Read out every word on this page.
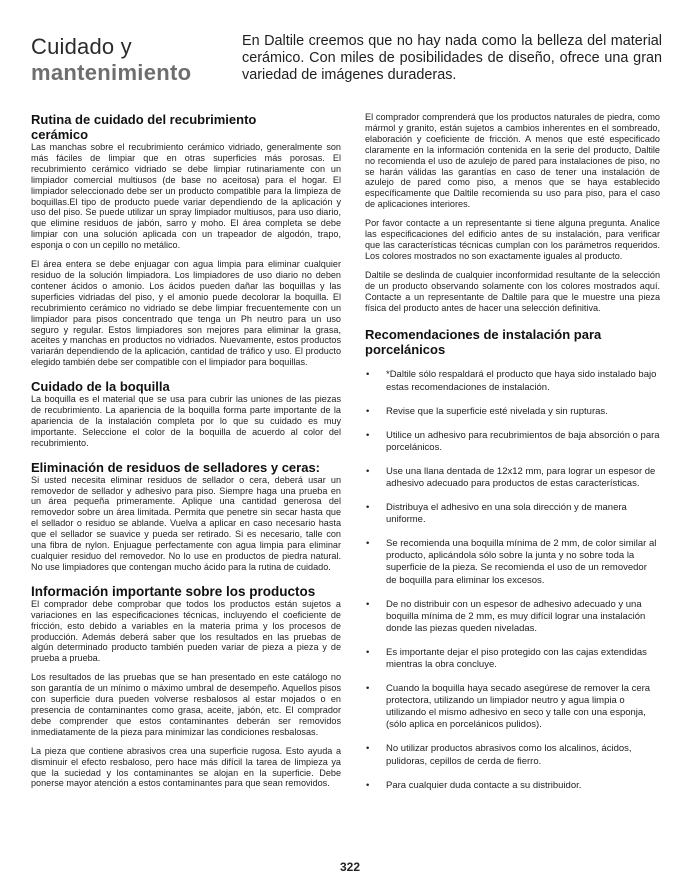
Cuidado y
mantenimiento
En Daltile creemos que no hay nada como la belleza del material cerámico. Con miles de posibilidades de diseño, ofrece una gran variedad de imágenes duraderas.
Rutina de cuidado del recubrimiento cerámico

Las manchas sobre el recubrimiento cerámico vidriado, generalmente son más fáciles de limpiar que en otras superficies más porosas. El recubrimiento cerámico vidriado se debe limpiar rutinariamente con un limpiador comercial multiusos (de base no aceitosa) para el hogar. El limpiador seleccionado debe ser un producto compatible para la limpieza de boquillas.El tipo de producto puede variar dependiendo de la aplicación y uso del piso. Se puede utilizar un spray limpiador multiusos, para uso diario, que elimine residuos de jabón, sarro y moho. El área completa se debe limpiar con una solución aplicada con un trapeador de algodón, trapo, esponja o con un cepillo no metálico.

El área entera se debe enjuagar con agua limpia para eliminar cualquier residuo de la solución limpiadora. Los limpiadores de uso diario no deben contener ácidos o amonio. Los ácidos pueden dañar las boquillas y las superficies vidriadas del piso, y el amonio puede decolorar la boquilla. El recubrimiento cerámico no vidriado se debe limpiar frecuentemente con un limpiador para pisos concentrado que tenga un Ph neutro para un uso seguro y regular. Estos limpiadores son mejores para eliminar la grasa, aceites y manchas en productos no vidriados. Nuevamente, estos productos variarán dependiendo de la aplicación, cantidad de tráfico y uso. El producto elegido también debe ser compatible con el limpiador para boquillas.

Cuidado de la boquilla

La boquilla es el material que se usa para cubrir las uniones de las piezas de recubrimiento. La apariencia de la boquilla forma parte importante de la apariencia de la instalación completa por lo que su cuidado es muy importante. Seleccione el color de la boquilla de acuerdo al color del recubrimiento.

Eliminación de residuos de selladores y ceras:

Si usted necesita eliminar residuos de sellador o cera, deberá usar un removedor de sellador y adhesivo para piso. Siempre haga una prueba en un área pequeña primeramente. Aplique una cantidad generosa del removedor sobre un área limitada. Permita que penetre sin secar hasta que el sellador o residuo se ablande. Vuelva a aplicar en caso necesario hasta que el sellador se suavice y pueda ser retirado. Si es necesario, talle con una fibra de nylon. Enjuague perfectamente con agua limpia para eliminar cualquier residuo del removedor. No lo use en productos de piedra natural. No use limpiadores que contengan mucho ácido para la rutina de cuidado.

Información importante sobre los productos

El comprador debe comprobar que todos los productos están sujetos a variaciones en las especificaciones técnicas, incluyendo el coeficiente de fricción, esto debido a variables en la materia prima y los procesos de producción. Además deberá saber que los resultados en las pruebas de algún determinado producto también pueden variar de pieza a pieza y de prueba a prueba.

Los resultados de las pruebas que se han presentado en este catálogo no son garantía de un mínimo o máximo umbral de desempeño. Aquellos pisos con superficie dura pueden volverse resbalosos al estar mojados o en presencia de contaminantes como grasa, aceite, jabón, etc. El comprador debe comprender que estos contaminantes deberán ser removidos inmediatamente de la pieza para minimizar las condiciones resbalosas.

La pieza que contiene abrasivos crea una superficie rugosa. Esto ayuda a disminuir el efecto resbaloso, pero hace más difícil la tarea de limpieza ya que la suciedad y los contaminantes se alojan en la superficie. Debe ponerse mayor atención a estos contaminantes para que sean removidos.

El comprador comprenderá que los productos naturales de piedra, como mármol y granito, están sujetos a cambios inherentes en el sombreado, elaboración y coeficiente de fricción. A menos que esté especificado claramente en la información contenida en la serie del producto, Daltile no recomienda el uso de azulejo de pared para instalaciones de piso, no se harán válidas las garantías en caso de tener una instalación de azulejo de pared como piso, a menos que se haya establecido específicamente que Daltile recomienda su uso para piso, para el caso de aplicaciones interiores.

Por favor contacte a un representante si tiene alguna pregunta. Analice las especificaciones del edificio antes de su instalación, para verificar que las características técnicas cumplan con los parámetros requeridos. Los colores mostrados no son exactamente iguales al producto.

Daltile se deslinda de cualquier inconformidad resultante de la selección de un producto observando solamente con los colores mostrados aquí. Contacte a un representante de Daltile para que le muestre una pieza física del producto antes de hacer una selección definitiva.

Recomendaciones de instalación para porcelánicos
• *Daltile sólo respaldará el producto que haya sido instalado bajo estas recomendaciones de instalación.
• Revise que la superficie esté nivelada y sin rupturas.
• Utilice un adhesivo para recubrimientos de baja absorción o para porcelánicos.
• Use una llana dentada de 12x12 mm, para lograr un espesor de adhesivo adecuado para productos de estas características.
• Distribuya el adhesivo en una sola dirección y de manera uniforme.
• Se recomienda una boquilla mínima de 2 mm, de color similar al producto, aplicándola sólo sobre la junta y no sobre toda la superficie de la pieza. Se recomienda el uso de un removedor de boquilla para eliminar los excesos.
• De no distribuir con un espesor de adhesivo adecuado y una boquilla mínima de 2 mm, es muy difícil lograr una instalación donde las piezas queden niveladas.
• Es importante dejar el piso protegido con las cajas extendidas mientras la obra concluye.
• Cuando la boquilla haya secado asegúrese de remover la cera protectora, utilizando un limpiador neutro y agua limpia o utilizando el mismo adhesivo en seco y talle con una esponja, (sólo aplica en porcelánicos pulidos).
• No utilizar productos abrasivos como los alcalinos, ácidos, pulidoras, cepillos de cerda de fierro.
• Para cualquier duda contacte a su distribuidor.
322
